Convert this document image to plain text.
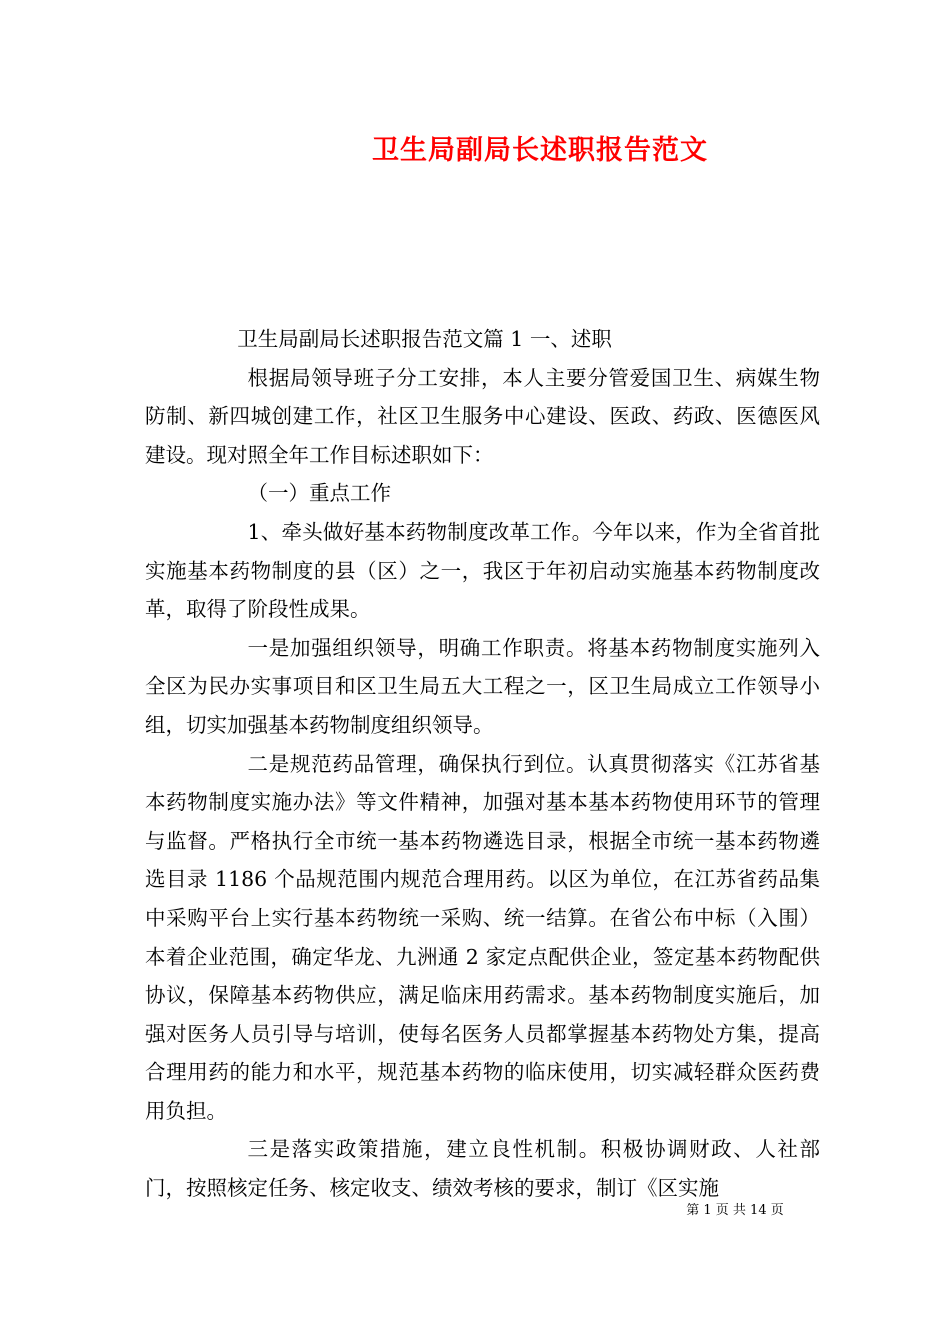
卫生局副局长述职报告范文

卫生局副局长述职报告范文篇 1 一、述职

根据局领导班子分工安排，本人主要分管爱国卫生、病媒生物防制、新四城创建工作，社区卫生服务中心建设、医政、药政、医德医风建设。现对照全年工作目标述职如下：

（一）重点工作

1、牵头做好基本药物制度改革工作。今年以来，作为全省首批实施基本药物制度的县（区）之一，我区于年初启动实施基本药物制度改革，取得了阶段性成果。

一是加强组织领导，明确工作职责。将基本药物制度实施列入全区为民办实事项目和区卫生局五大工程之一，区卫生局成立工作领导小组，切实加强基本药物制度组织领导。

二是规范药品管理，确保执行到位。认真贯彻落实《江苏省基本药物制度实施办法》等文件精神，加强对基本基本药物使用环节的管理与监督。严格执行全市统一基本药物遴选目录，根据全市统一基本药物遴选目录 1186 个品规范围内规范合理用药。以区为单位，在江苏省药品集中采购平台上实行基本药物统一采购、统一结算。在省公布中标（入围）本着企业范围，确定华龙、九洲通 2 家定点配供企业，签定基本药物配供协议，保障基本药物供应，满足临床用药需求。基本药物制度实施后，加强对医务人员引导与培训，使每名医务人员都掌握基本药物处方集，提高合理用药的能力和水平，规范基本药物的临床使用，切实减轻群众医药费用负担。

三是落实政策措施，建立良性机制。积极协调财政、人社部门，按照核定任务、核定收支、绩效考核的要求，制订《区实施

第 1 页 共 14 页
